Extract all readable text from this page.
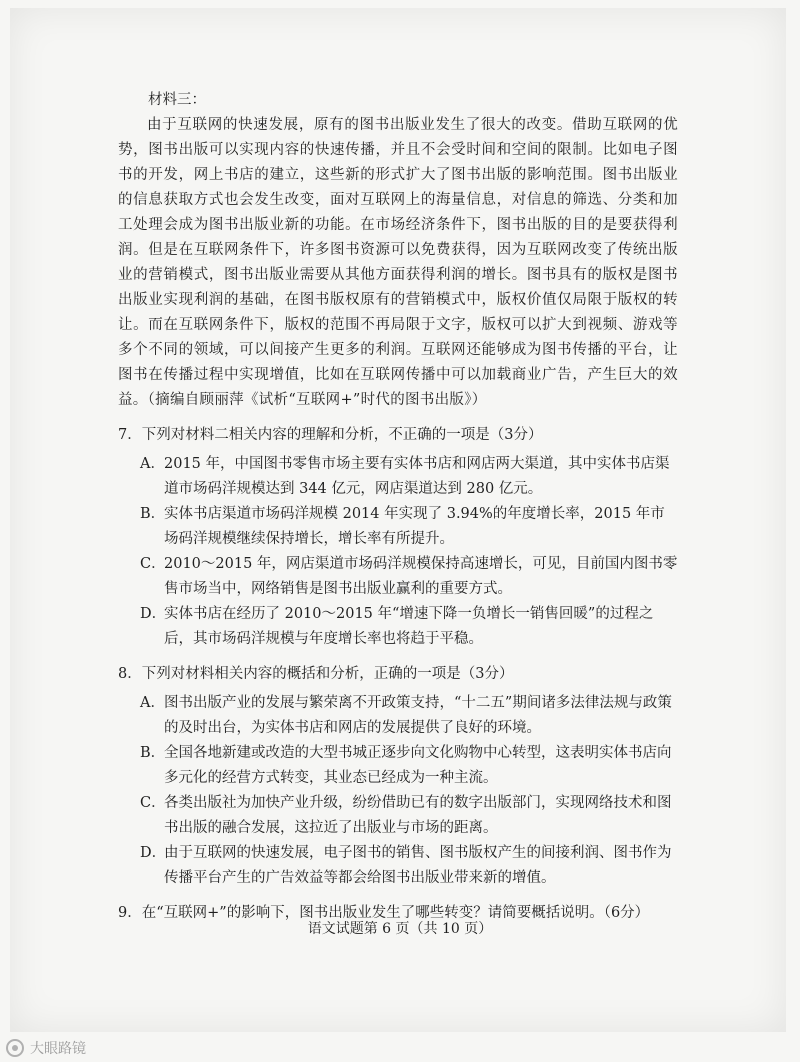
材料三：

由于互联网的快速发展，原有的图书出版业发生了很大的改变。借助互联网的优势，图书出版可以实现内容的快速传播，并且不会受时间和空间的限制。比如电子图书的开发，网上书店的建立，这些新的形式扩大了图书出版的影响范围。图书出版业的信息获取方式也会发生改变，面对互联网上的海量信息，对信息的筛选、分类和加工处理会成为图书出版业新的功能。在市场经济条件下，图书出版的目的是要获得利润。但是在互联网条件下，许多图书资源可以免费获得，因为互联网改变了传统出版业的营销模式，图书出版业需要从其他方面获得利润的增长。图书具有的版权是图书出版业实现利润的基础，在图书版权原有的营销模式中，版权价值仅局限于版权的转让。而在互联网条件下，版权的范围不再局限于文字，版权可以扩大到视频、游戏等多个不同的领域，可以间接产生更多的利润。互联网还能够成为图书传播的平台，让图书在传播过程中实现增值，比如在互联网传播中可以加载商业广告，产生巨大的效益。（摘编自顾丽萍《试析“互联网+”时代的图书出版》）

7．下列对材料二相关内容的理解和分析，不正确的一项是（3分）

A． 2015 年，中国图书零售市场主要有实体书店和网店两大渠道，其中实体书店渠道市场码洋规模达到 344 亿元，网店渠道达到 280 亿元。
B．
实体书店渠道市场码洋规模 2014 年实现了 3.94%的年度增长率，2015 年市场码洋规模继续保持增长，增长率有所提升。
C．
2010～2015 年，网店渠道市场码洋规模保持高速增长，可见，目前国内图书零售市场当中，网络销售是图书出版业赢利的重要方式。
D．
实体书店在经历了 2010～2015 年“增速下降一负增长一销售回暖”的过程之后，其市场码洋规模与年度增长率也将趋于平稳。

8．下列对材料相关内容的概括和分析，正确的一项是（3分）

A． 图书出版产业的发展与繁荣离不开政策支持，“十二五”期间诸多法律法规与政策的及时出台，为实体书店和网店的发展提供了良好的环境。
B．
全国各地新建或改造的大型书城正逐步向文化购物中心转型，这表明实体书店向多元化的经营方式转变，其业态已经成为一种主流。
C．
各类出版社为加快产业升级，纷纷借助已有的数字出版部门，实现网络技术和图书出版的融合发展，这拉近了出版业与市场的距离。
D．
由于互联网的快速发展，电子图书的销售、图书版权产生的间接利润、图书作为传播平台产生的广告效益等都会给图书出版业带来新的增值。

9．在“互联网+”的影响下，图书出版业发生了哪些转变？请简要概括说明。（6分）

语文试题第 6 页（共 10 页）
大眼路镜
